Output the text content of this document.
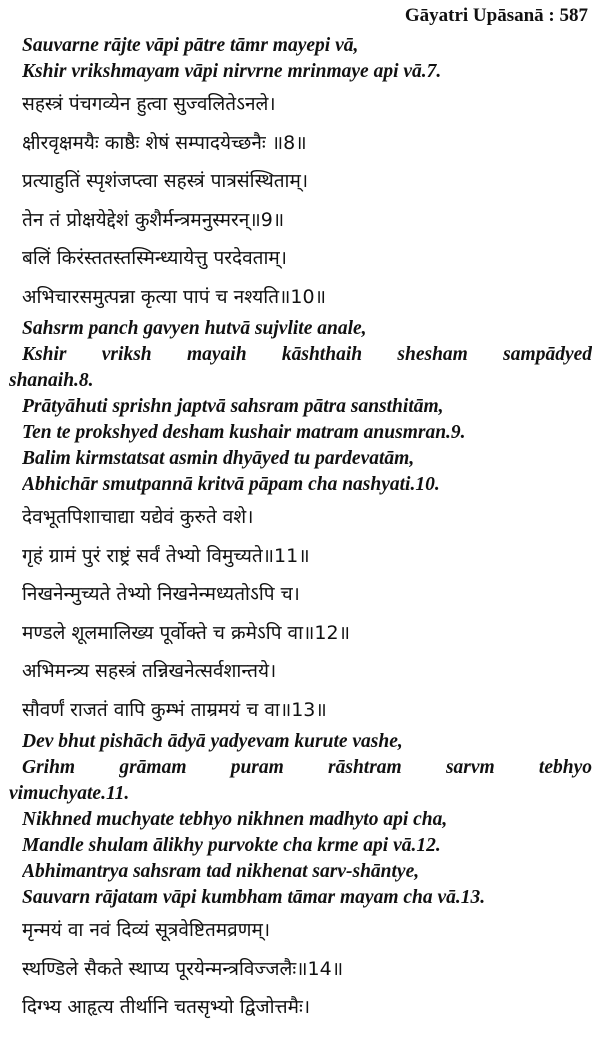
Gāyatri Upāsanā : 587
Sauvarne rājte vāpi pātre tāmr mayepi vā,
Kshir vrikshmayam vāpi nirvrne mrinmaye api vā.7.
सहस्त्रं पंचगव्येन हुत्वा सुज्वलितेऽनले।
क्षीरवृक्षमयैः काष्ठैः शेषं सम्पादयेच्छनैः ॥8॥
प्रत्याहुतिं स्पृशंजप्त्वा सहस्त्रं पात्रसंस्थिताम्।
तेन तं प्रोक्षयेद्देशं कुशैर्मन्त्रमनुस्मरन्॥9॥
बलिं किरंस्ततस्तस्मिन्ध्यायेत्तु परदेवताम्।
अभिचारसमुत्पन्ना कृत्या पापं च नश्यति॥10॥
Sahsrm panch gavyen hutvā sujvlite anale,
Kshir vriksh mayaih kāshthaih shesham sampādyed
shanaih.8.
Prātyāhuti sprishn japtvā sahsram pātra sansthitām,
Ten te prokshyed desham kushair matram anusmran.9.
Balim kirmstatsat asmin dhyāyed tu pardevatām,
Abhichār smutpannā kritvā pāpam cha nashyati.10.
देवभूतपिशाचाद्या यद्येवं कुरुते वशे।
गृहं ग्रामं पुरं राष्ट्रं सर्वं तेभ्यो विमुच्यते॥11॥
निखनेन्मुच्यते तेभ्यो निखनेन्मध्यतोऽपि च।
मण्डले शूलमालिख्य पूर्वोक्ते च क्रमेऽपि वा॥12॥
अभिमन्त्र्य सहस्त्रं तन्निखनेत्सर्वशान्तये।
सौवर्णं राजतं वापि कुम्भं ताम्रमयं च वा॥13॥
Dev bhut pishāch ādyā yadyevam kurute vashe,
Grihm grāmam puram rāshtram sarvm tebhyo
vimuchyate.11.
Nikhned muchyate tebhyo nikhnen madhyto api cha,
Mandle shulam ālikhy purvokte cha krme api vā.12.
Abhimantrya sahsram tad nikhenat sarv-shāntye,
Sauvarn rājatam vāpi kumbham tāmar mayam cha vā.13.
मृन्मयं वा नवं दिव्यं सूत्रवेष्टितमव्रणम्।
स्थण्डिले सैकते स्थाप्य पूरयेन्मन्त्रविज्जलैः॥14॥
दिग्भ्य आहृत्य तीर्थानि चतसृभ्यो द्विजोत्तमैः।
